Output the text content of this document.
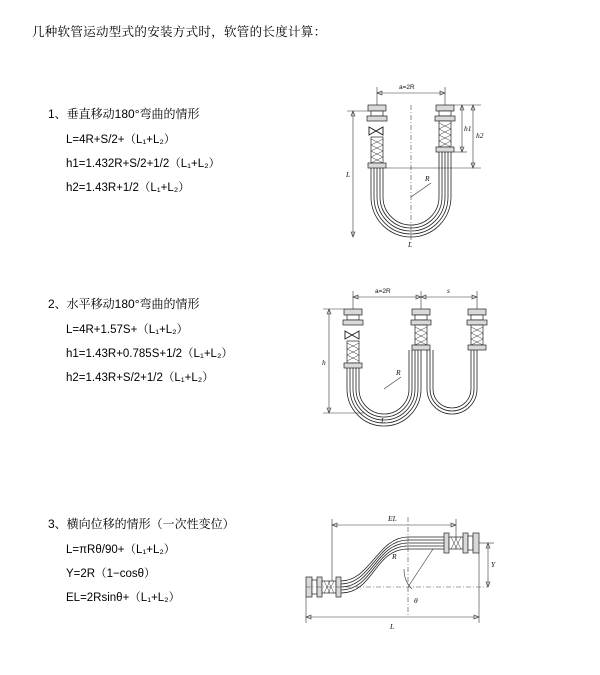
几种软管运动型式的安装方式时，软管的长度计算：
1、垂直移动180°弯曲的情形
L=4R+S/2+（L₁+L₂）
h1=1.432R+S/2+1/2（L₁+L₂）
h2=1.43R+1/2（L₁+L₂）
a=2R
R
h2
h1
L
L
2、水平移动180°弯曲的情形
L=4R+1.57S+（L₁+L₂）
h1=1.43R+0.785S+1/2（L₁+L₂）
h2=1.43R+S/2+1/2（L₁+L₂）
a=2R	s
R
h
L
3、横向位移的情形（一次性变位）
L=πRθ/90+（L₁+L₂）
Y=2R（1−cosθ）
EL=2Rsinθ+（L₁+L₂）
EL
θ
R
Y
L
